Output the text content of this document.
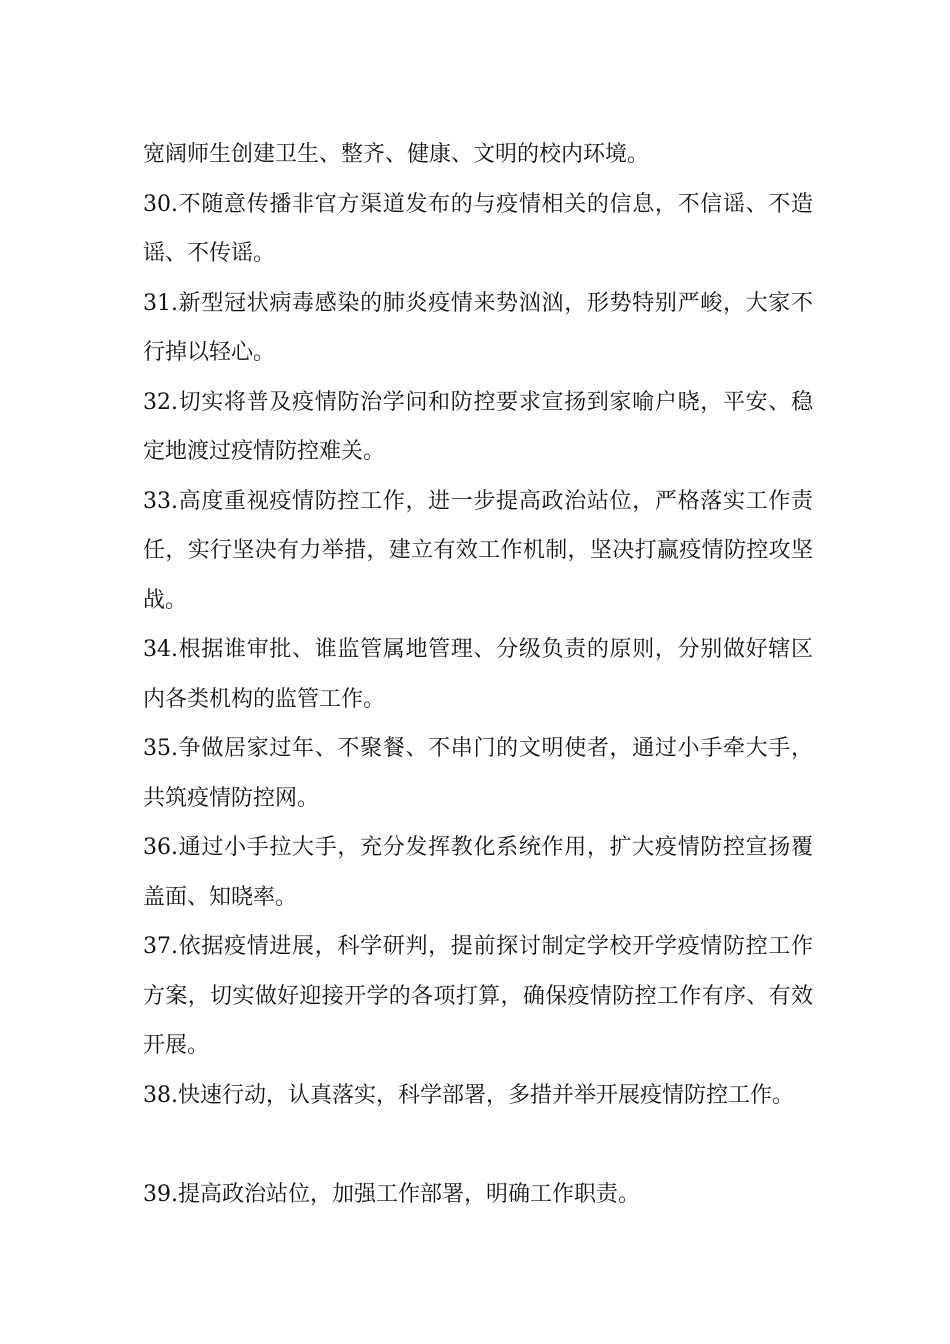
宽阔师生创建卫生、整齐、健康、文明的校内环境。

30.不随意传播非官方渠道发布的与疫情相关的信息，不信谣、不造谣、不传谣。

31.新型冠状病毒感染的肺炎疫情来势汹汹，形势特别严峻，大家不行掉以轻心。

32.切实将普及疫情防治学问和防控要求宣扬到家喻户晓，平安、稳定地渡过疫情防控难关。

33.高度重视疫情防控工作，进一步提高政治站位，严格落实工作责任，实行坚决有力举措，建立有效工作机制，坚决打赢疫情防控攻坚战。

34.根据谁审批、谁监管属地管理、分级负责的原则，分别做好辖区内各类机构的监管工作。

35.争做居家过年、不聚餐、不串门的文明使者，通过小手牵大手，共筑疫情防控网。

36.通过小手拉大手，充分发挥教化系统作用，扩大疫情防控宣扬覆盖面、知晓率。

37.依据疫情进展，科学研判，提前探讨制定学校开学疫情防控工作方案，切实做好迎接开学的各项打算，确保疫情防控工作有序、有效开展。

38.快速行动，认真落实，科学部署，多措并举开展疫情防控工作。

39.提高政治站位，加强工作部署，明确工作职责。
